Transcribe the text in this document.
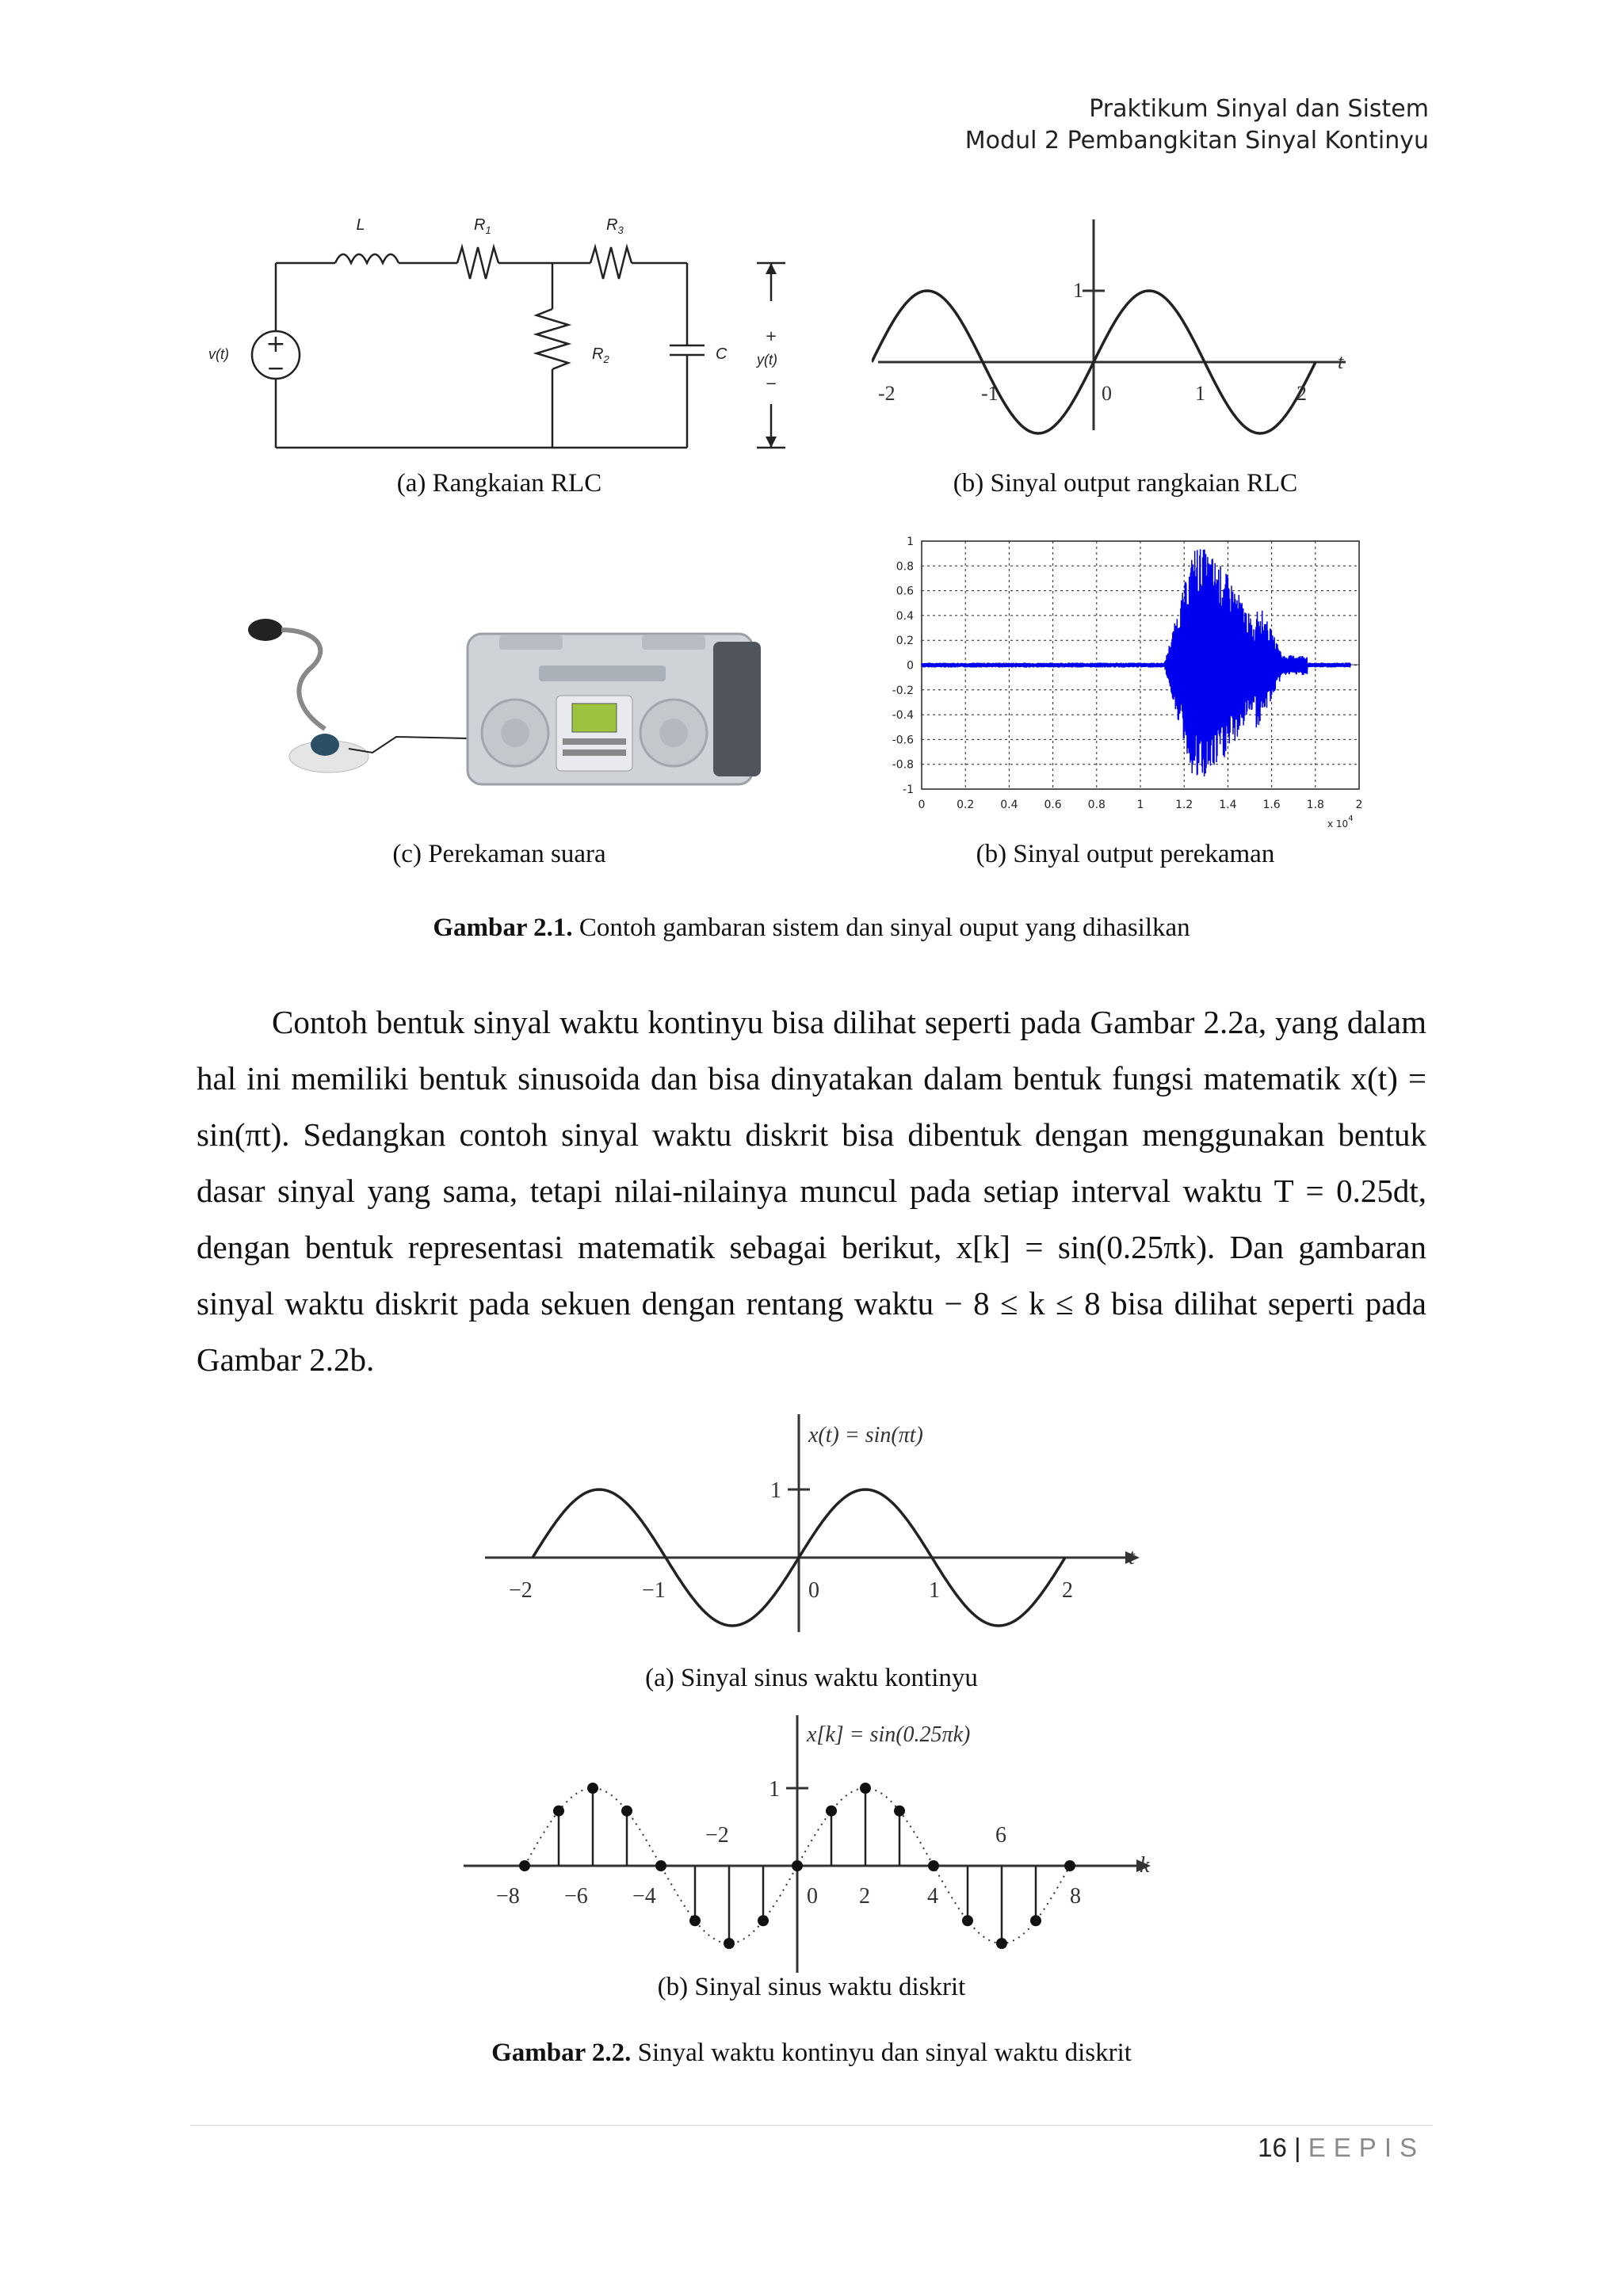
Praktikum Sinyal dan Sistem
Modul 2 Pembangkitan Sinyal Kontinyu
L	$R_1$	$R_3$
$R_2$	C
v(t)	y(t)
+
−
+
−
t
1
-2	-1	0	1	2
(a) Rangkaian RLC	(b) Sinyal output rangkaian RLC
1
0.8
0.6
0.4
0.2
0
-0.2
-0.4
-0.6
-0.8
-1
0	0.2 0.4 0.6 0.8	1	1.2 1.4 1.6 1.8	2
x $10^4$
(c) Perekaman suara	(b) Sinyal output perekaman
Gambar 2.1. Contoh gambaran sistem dan sinyal ouput yang dihasilkan

Contoh bentuk sinyal waktu kontinyu bisa dilihat seperti pada Gambar 2.2a, yang dalam hal ini memiliki bentuk sinusoida dan bisa dinyatakan dalam bentuk fungsi matematik x(t) = sin(πt). Sedangkan contoh sinyal waktu diskrit bisa dibentuk dengan menggunakan bentuk dasar sinyal yang sama, tetapi nilai-nilainya muncul pada setiap interval waktu T = 0.25dt, dengan bentuk representasi matematik sebagai berikut, x[k] = sin(0.25πk). Dan gambaran sinyal waktu diskrit pada sekuen dengan rentang waktu − 8 ≤ k ≤ 8 bisa dilihat seperti pada Gambar 2.2b.

x(t) = sin(πt)
t
1
−2	−1	0	1	2
(a) Sinyal sinus waktu kontinyu
x[k] = sin(0.25πk)
k
1
−2	6
−8 −6 −4	0 2	4	8
(b) Sinyal sinus waktu diskrit
Gambar 2.2. Sinyal waktu kontinyu dan sinyal waktu diskrit
16 | EEPIS
